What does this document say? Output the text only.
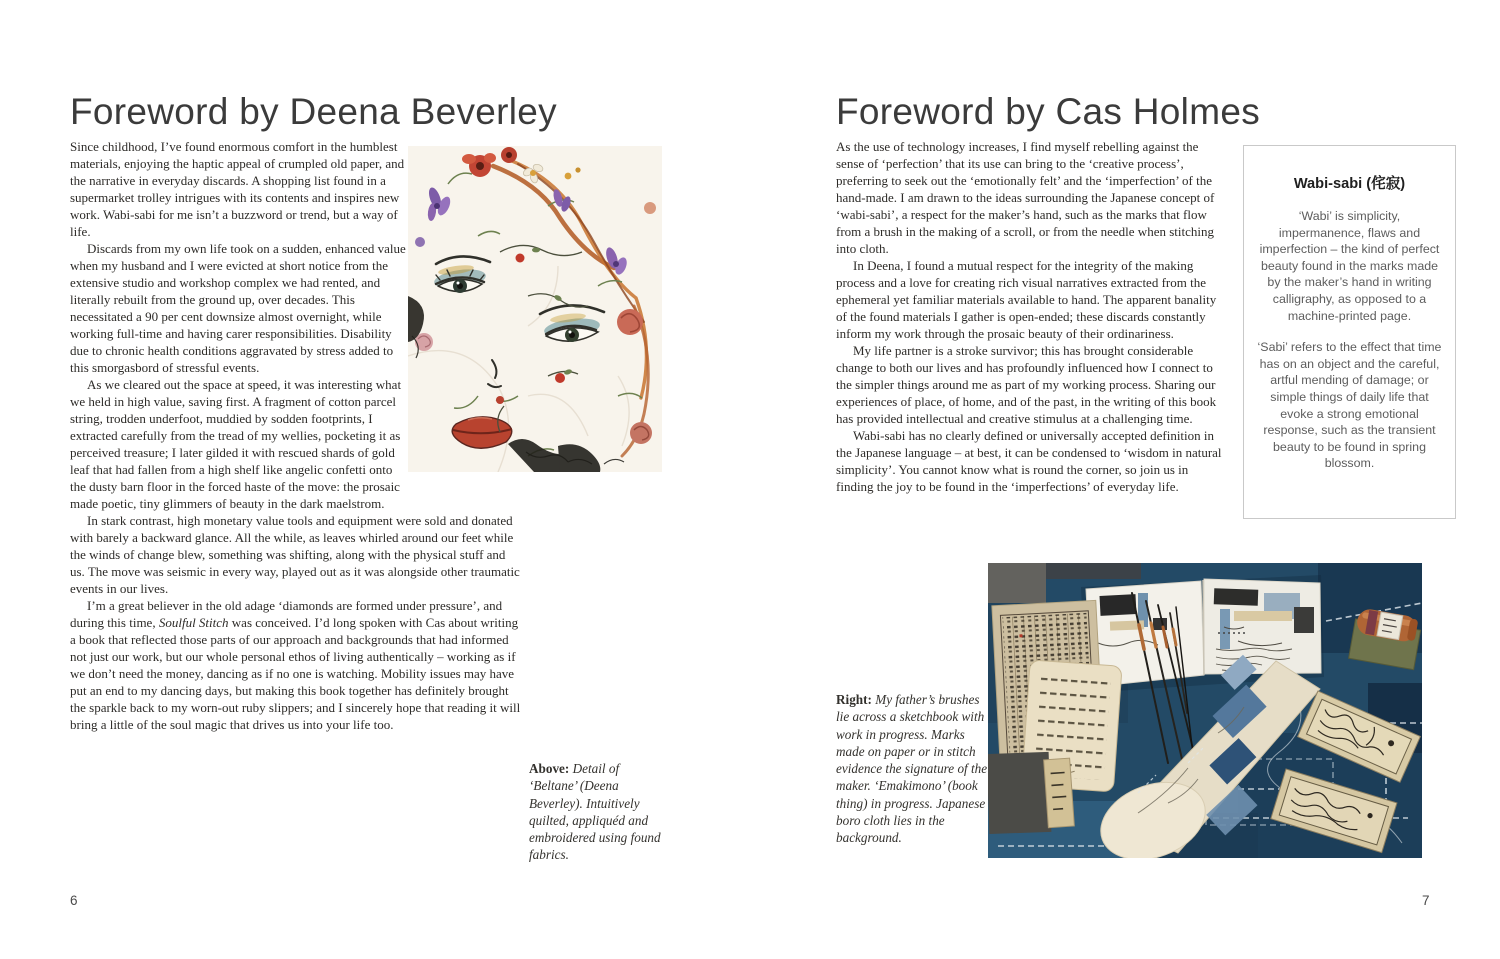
Foreword by Deena Beverley

Since childhood, I’ve found enormous comfort in the humblest materials, enjoying the haptic appeal of crumpled old paper, and the narrative in everyday discards. A shopping list found in a supermarket trolley intrigues with its contents and inspires new work. Wabi-sabi for me isn’t a buzzword or trend, but a way of life.

Discards from my own life took on a sudden, enhanced value when my husband and I were evicted at short notice from the extensive studio and workshop complex we had rented, and literally rebuilt from the ground up, over decades. This necessitated a 90 per cent downsize almost overnight, while working full-time and having carer responsibilities. Disability due to chronic health conditions aggravated by stress added to this smorgasbord of stressful events.

As we cleared out the space at speed, it was interesting what we held in high value, saving first. A fragment of cotton parcel string, trodden underfoot, muddied by sodden footprints, I extracted carefully from the tread of my wellies, pocketing it as perceived treasure; I later gilded it with rescued shards of gold leaf that had fallen from a high shelf like angelic confetti onto the dusty barn floor in the forced haste of the move: the prosaic made poetic, tiny glimmers of beauty in the dark maelstrom.

In stark contrast, high monetary value tools and equipment were sold and donated with barely a backward glance. All the while, as leaves whirled around our feet while the winds of change blew, something was shifting, along with the physical stuff and us. The move was seismic in every way, played out as it was alongside other traumatic events in our lives.

I’m a great believer in the old adage ‘diamonds are formed under pressure’, and during this time, Soulful Stitch was conceived. I’d long spoken with Cas about writing a book that reflected those parts of our approach and backgrounds that had informed not just our work, but our whole personal ethos of living authentically – working as if we don’t need the money, dancing as if no one is watching. Mobility issues may have put an end to my dancing days, but making this book together has definitely brought the sparkle back to my worn-out ruby slippers; and I sincerely hope that reading it will bring a little of the soul magic that drives us into your life too.

Above: Detail of ‘Beltane’ (Deena Beverley). Intuitively quilted, appliquéd and embroidered using found fabrics.
6
Foreword by Cas Holmes

As the use of technology increases, I find myself rebelling against the sense of ‘perfection’ that its use can bring to the ‘creative process’, preferring to seek out the ‘emotionally felt’ and the ‘imperfection’ of the hand-made. I am drawn to the ideas surrounding the Japanese concept of ‘wabi-sabi’, a respect for the maker’s hand, such as the marks that flow from a brush in the making of a scroll, or from the needle when stitching into cloth.

In Deena, I found a mutual respect for the integrity of the making process and a love for creating rich visual narratives extracted from the ephemeral yet familiar materials available to hand. The apparent banality of the found materials I gather is open-ended; these discards constantly inform my work through the prosaic beauty of their ordinariness.

My life partner is a stroke survivor; this has brought considerable change to both our lives and has profoundly influenced how I connect to the simpler things around me as part of my working process. Sharing our experiences of place, of home, and of the past, in the writing of this book has provided intellectual and creative stimulus at a challenging time.

Wabi-sabi has no clearly defined or universally accepted definition in the Japanese language – at best, it can be condensed to ‘wisdom in natural simplicity’. You cannot know what is round the corner, so join us in finding the joy to be found in the ‘imperfections’ of everyday life.

Wabi-sabi (侘寂)

‘Wabi’ is simplicity, impermanence, flaws and imperfection – the kind of perfect beauty found in the marks made by the maker’s hand in writing calligraphy, as opposed to a machine-printed page.

‘Sabi’ refers to the effect that time has on an object and the careful, artful mending of damage; or simple things of daily life that evoke a strong emotional response, such as the transient beauty to be found in spring blossom.

Right: My father’s brushes lie across a sketchbook with work in progress. Marks made on paper or in stitch evidence the signature of the maker. ‘Emakimono’ (book thing) in progress. Japanese boro cloth lies in the background.
7
